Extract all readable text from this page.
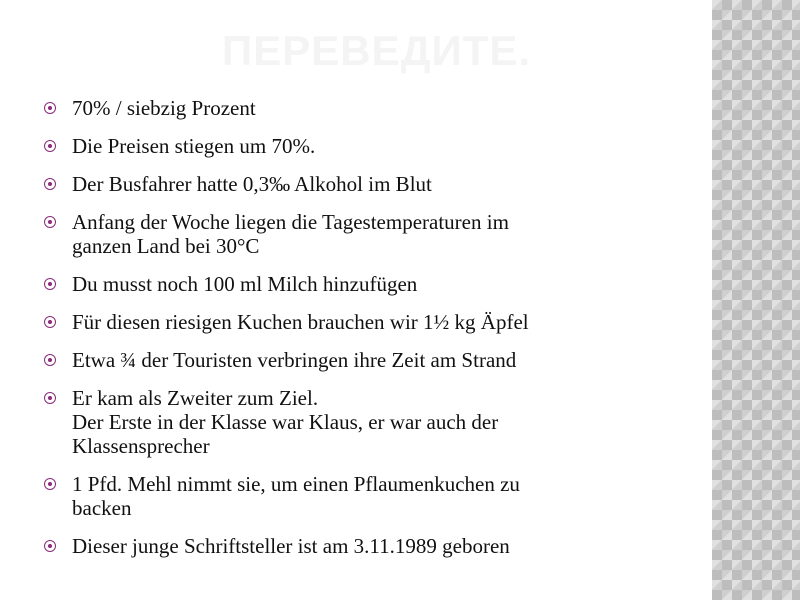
ПЕРЕВЕДИТЕ.
70% / siebzig Prozent
Die Preisen stiegen um 70%.
Der Busfahrer hatte 0,3‰ Alkohol im Blut
Anfang der Woche liegen die Tagestemperaturen im
ganzen Land bei 30°C
Du musst noch 100 ml Milch hinzufügen
Für diesen riesigen Kuchen brauchen wir 1½ kg Äpfel
Etwa ¾ der Touristen verbringen ihre Zeit am Strand
Er kam als Zweiter zum Ziel.
Der Erste in der Klasse war Klaus, er war auch der
Klassensprecher
1 Pfd. Mehl nimmt sie, um einen Pflaumenkuchen zu
backen
Dieser junge Schriftsteller ist am 3.11.1989 geboren
